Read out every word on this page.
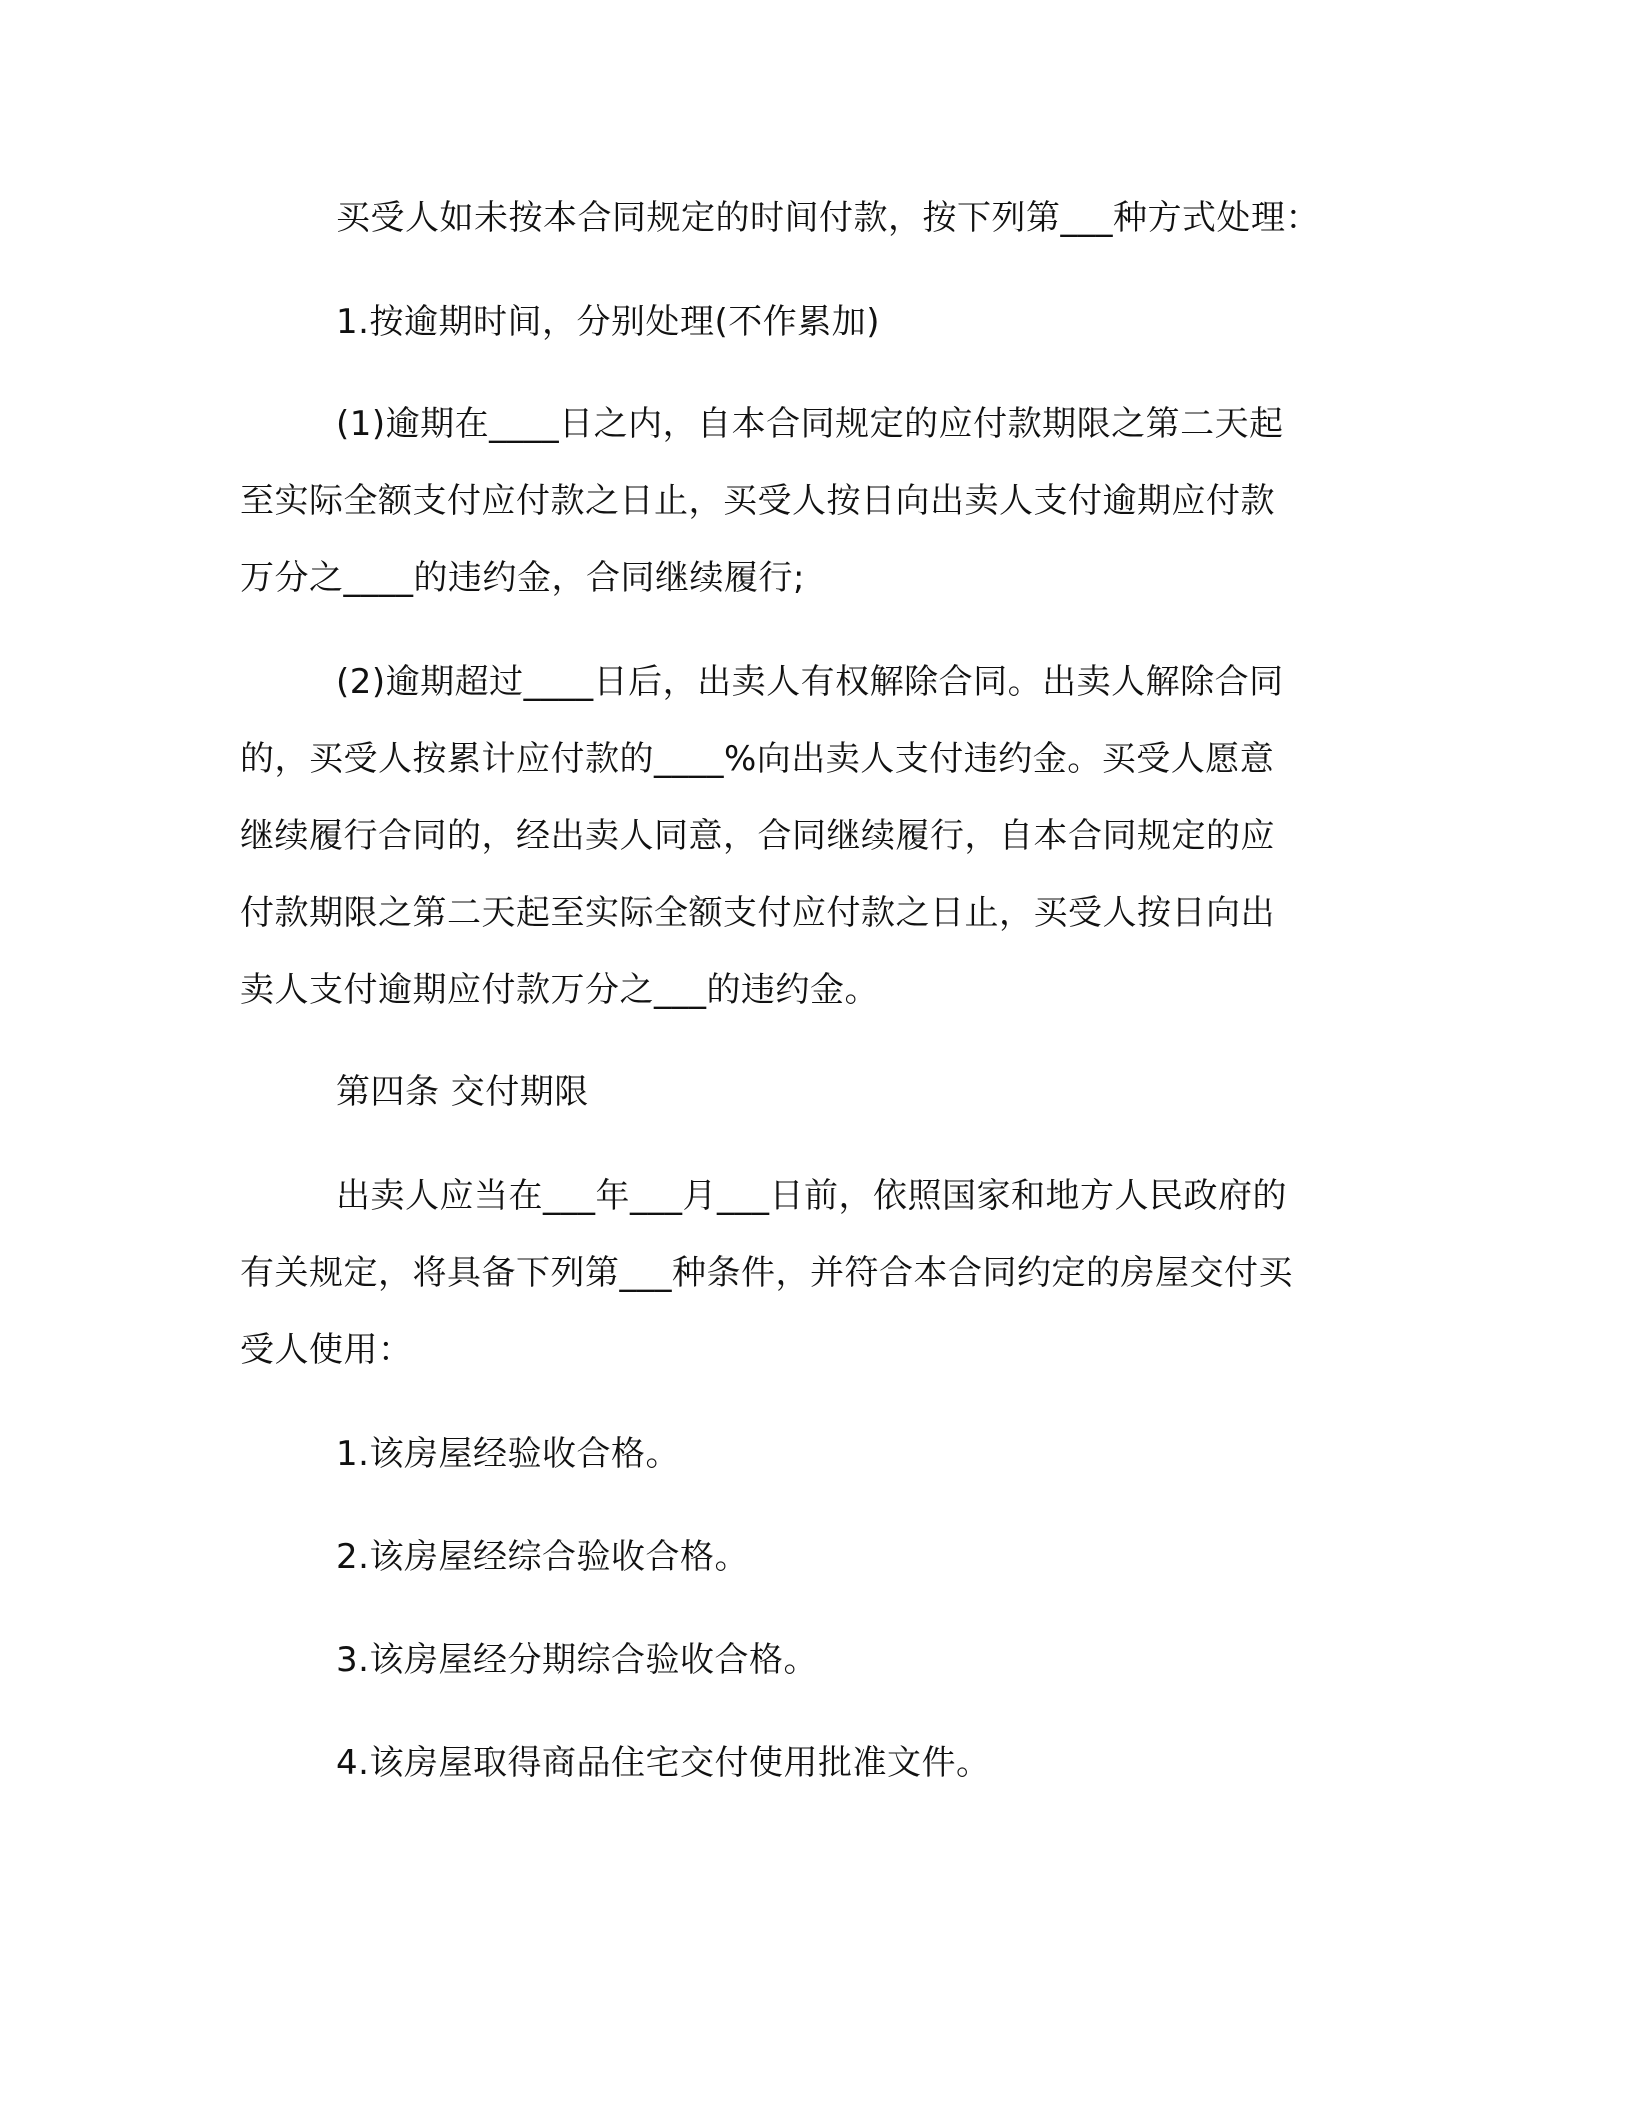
买受人如未按本合同规定的时间付款，按下列第___种方式处理：
1.按逾期时间，分别处理(不作累加)
(1)逾期在____日之内，自本合同规定的应付款期限之第二天起
至实际全额支付应付款之日止，买受人按日向出卖人支付逾期应付款
万分之____的违约金，合同继续履行;
(2)逾期超过____日后，出卖人有权解除合同。出卖人解除合同
的，买受人按累计应付款的____%向出卖人支付违约金。买受人愿意
继续履行合同的，经出卖人同意，合同继续履行，自本合同规定的应
付款期限之第二天起至实际全额支付应付款之日止，买受人按日向出
卖人支付逾期应付款万分之___的违约金。
第四条 交付期限
出卖人应当在___年___月___日前，依照国家和地方人民政府的
有关规定，将具备下列第___种条件，并符合本合同约定的房屋交付买
受人使用：
1.该房屋经验收合格。
2.该房屋经综合验收合格。
3.该房屋经分期综合验收合格。
4.该房屋取得商品住宅交付使用批准文件。
